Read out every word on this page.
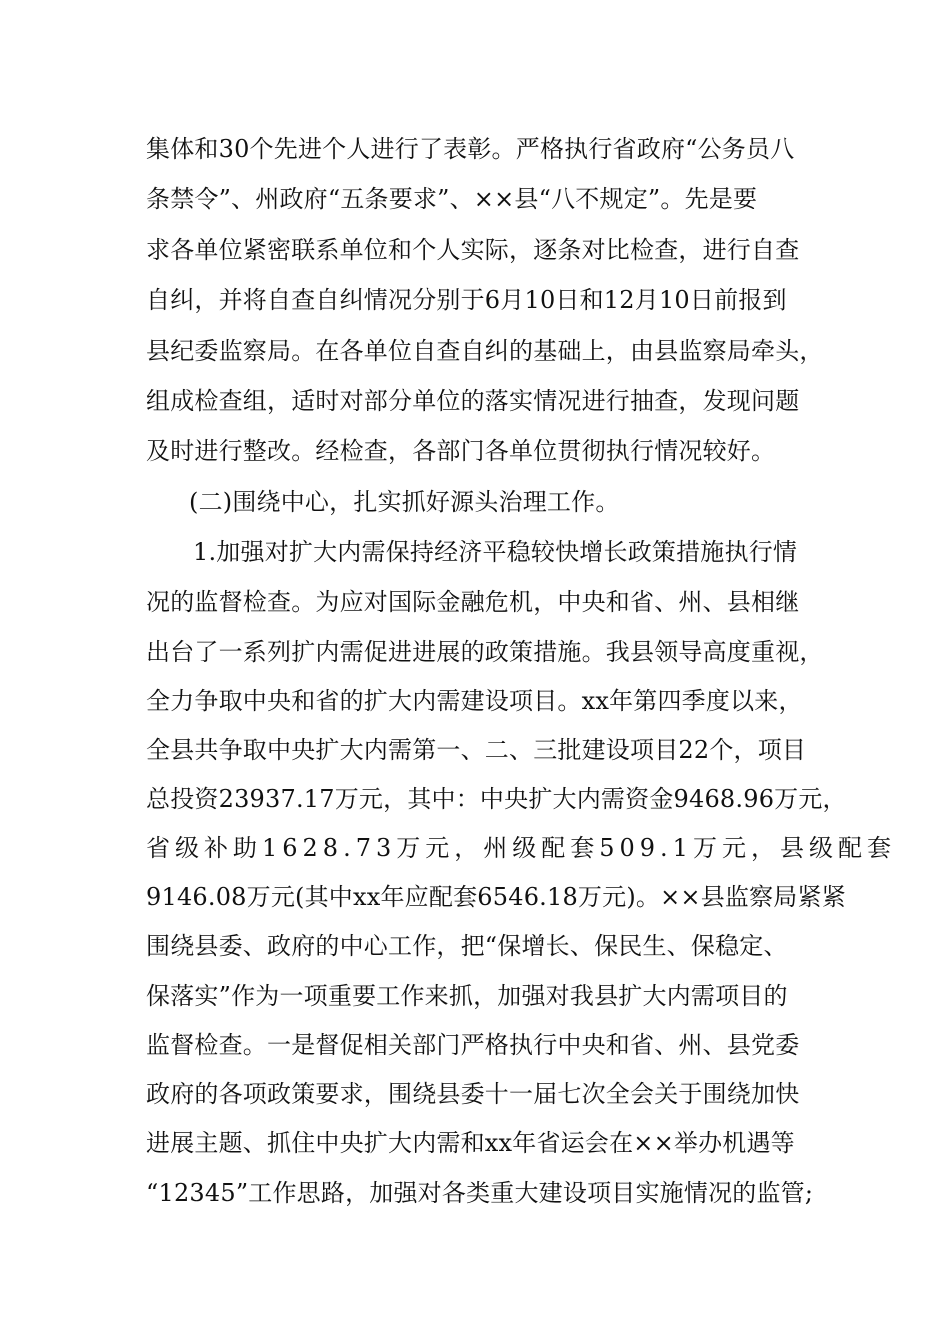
集体和30个先进个人进行了表彰。严格执行省政府“公务员八
条禁令”、州政府“五条要求”、××县“八不规定”。先是要
求各单位紧密联系单位和个人实际，逐条对比检查，进行自查
自纠，并将自查自纠情况分别于6月10日和12月10日前报到
县纪委监察局。在各单位自查自纠的基础上，由县监察局牵头，
组成检查组，适时对部分单位的落实情况进行抽查，发现问题
及时进行整改。经检查，各部门各单位贯彻执行情况较好。
(二)围绕中心，扎实抓好源头治理工作。
1.加强对扩大内需保持经济平稳较快增长政策措施执行情
况的监督检查。为应对国际金融危机，中央和省、州、县相继
出台了一系列扩内需促进进展的政策措施。我县领导高度重视，
全力争取中央和省的扩大内需建设项目。xx年第四季度以来，
全县共争取中央扩大内需第一、二、三批建设项目22个，项目
总投资23937.17万元，其中：中央扩大内需资金9468.96万元，
省级补助1628.73万元，州级配套509.1万元，县级配套
9146.08万元(其中xx年应配套6546.18万元)。××县监察局紧紧
围绕县委、政府的中心工作，把“保增长、保民生、保稳定、
保落实”作为一项重要工作来抓，加强对我县扩大内需项目的
监督检查。一是督促相关部门严格执行中央和省、州、县党委
政府的各项政策要求，围绕县委十一届七次全会关于围绕加快
进展主题、抓住中央扩大内需和xx年省运会在××举办机遇等
“12345”工作思路，加强对各类重大建设项目实施情况的监管;
